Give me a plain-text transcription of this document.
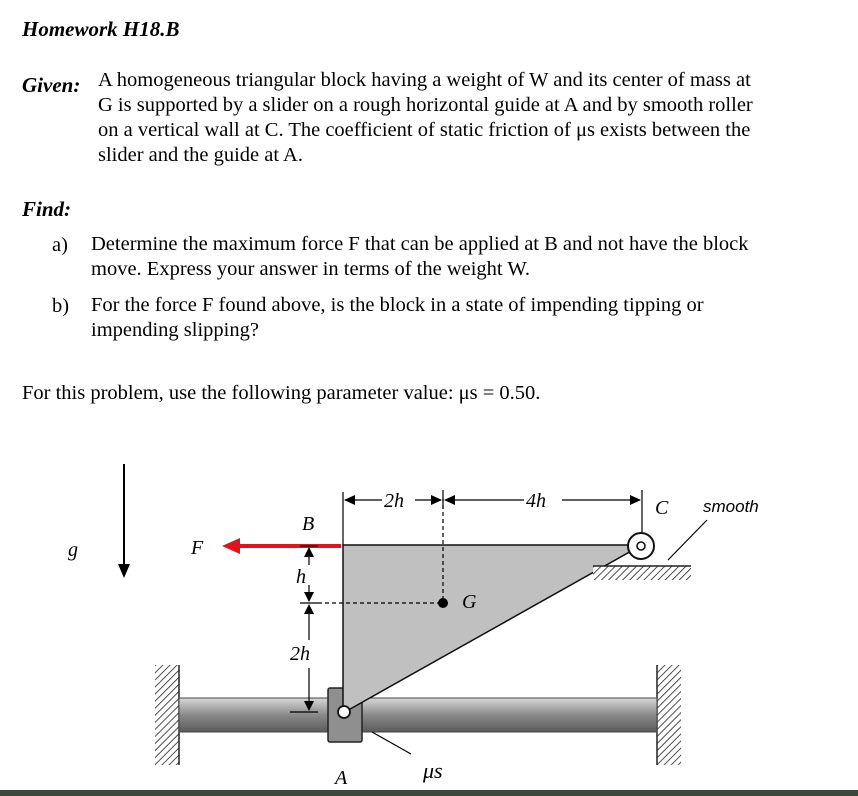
Homework H18.B
Given: A homogeneous triangular block having a weight of W and its center of mass at
G is supported by a slider on a rough horizontal guide at A and by smooth roller
on a vertical wall at C. The coefficient of static friction of μs exists between the
slider and the guide at A.
Find:
a) Determine the maximum force F that can be applied at B and not have the block
move. Express your answer in terms of the weight W.
b) For the force F found above, is the block in a state of impending tipping or
impending slipping?
For this problem, use the following parameter value: μs = 0.50.
g
smooth
C
F
B
h
2h
G
2h	4h
A	μs
